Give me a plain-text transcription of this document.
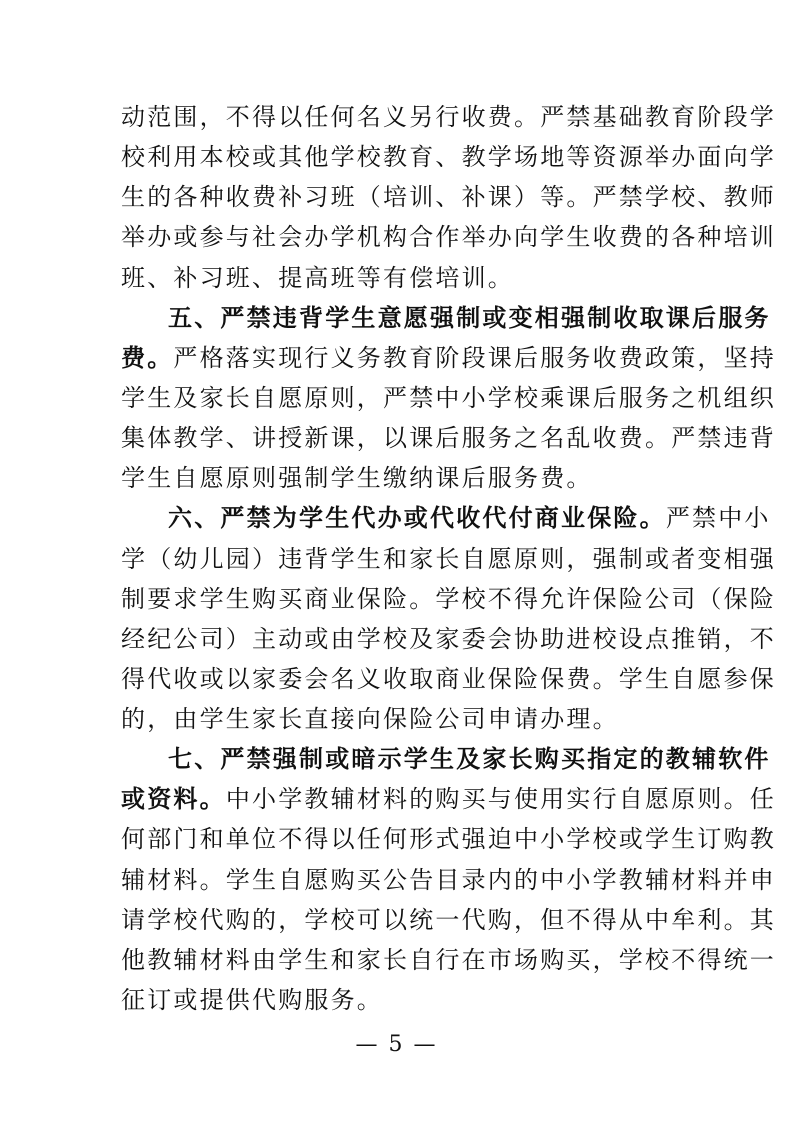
动范围，不得以任何名义另行收费。严禁基础教育阶段学
校利用本校或其他学校教育、教学场地等资源举办面向学
生的各种收费补习班（培训、补课）等。严禁学校、教师
举办或参与社会办学机构合作举办向学生收费的各种培训
班、补习班、提高班等有偿培训。
五、严禁违背学生意愿强制或变相强制收取课后服务
费。严格落实现行义务教育阶段课后服务收费政策，坚持
学生及家长自愿原则，严禁中小学校乘课后服务之机组织
集体教学、讲授新课，以课后服务之名乱收费。严禁违背
学生自愿原则强制学生缴纳课后服务费。
六、严禁为学生代办或代收代付商业保险。严禁中小
学（幼儿园）违背学生和家长自愿原则，强制或者变相强
制要求学生购买商业保险。学校不得允许保险公司（保险
经纪公司）主动或由学校及家委会协助进校设点推销，不
得代收或以家委会名义收取商业保险保费。学生自愿参保
的，由学生家长直接向保险公司申请办理。
七、严禁强制或暗示学生及家长购买指定的教辅软件
或资料。中小学教辅材料的购买与使用实行自愿原则。任
— 5 —
何部门和单位不得以任何形式强迫中小学校或学生订购教
辅材料。学生自愿购买公告目录内的中小学教辅材料并申
请学校代购的，学校可以统一代购，但不得从中牟利。其
他教辅材料由学生和家长自行在市场购买，学校不得统一
征订或提供代购服务。
